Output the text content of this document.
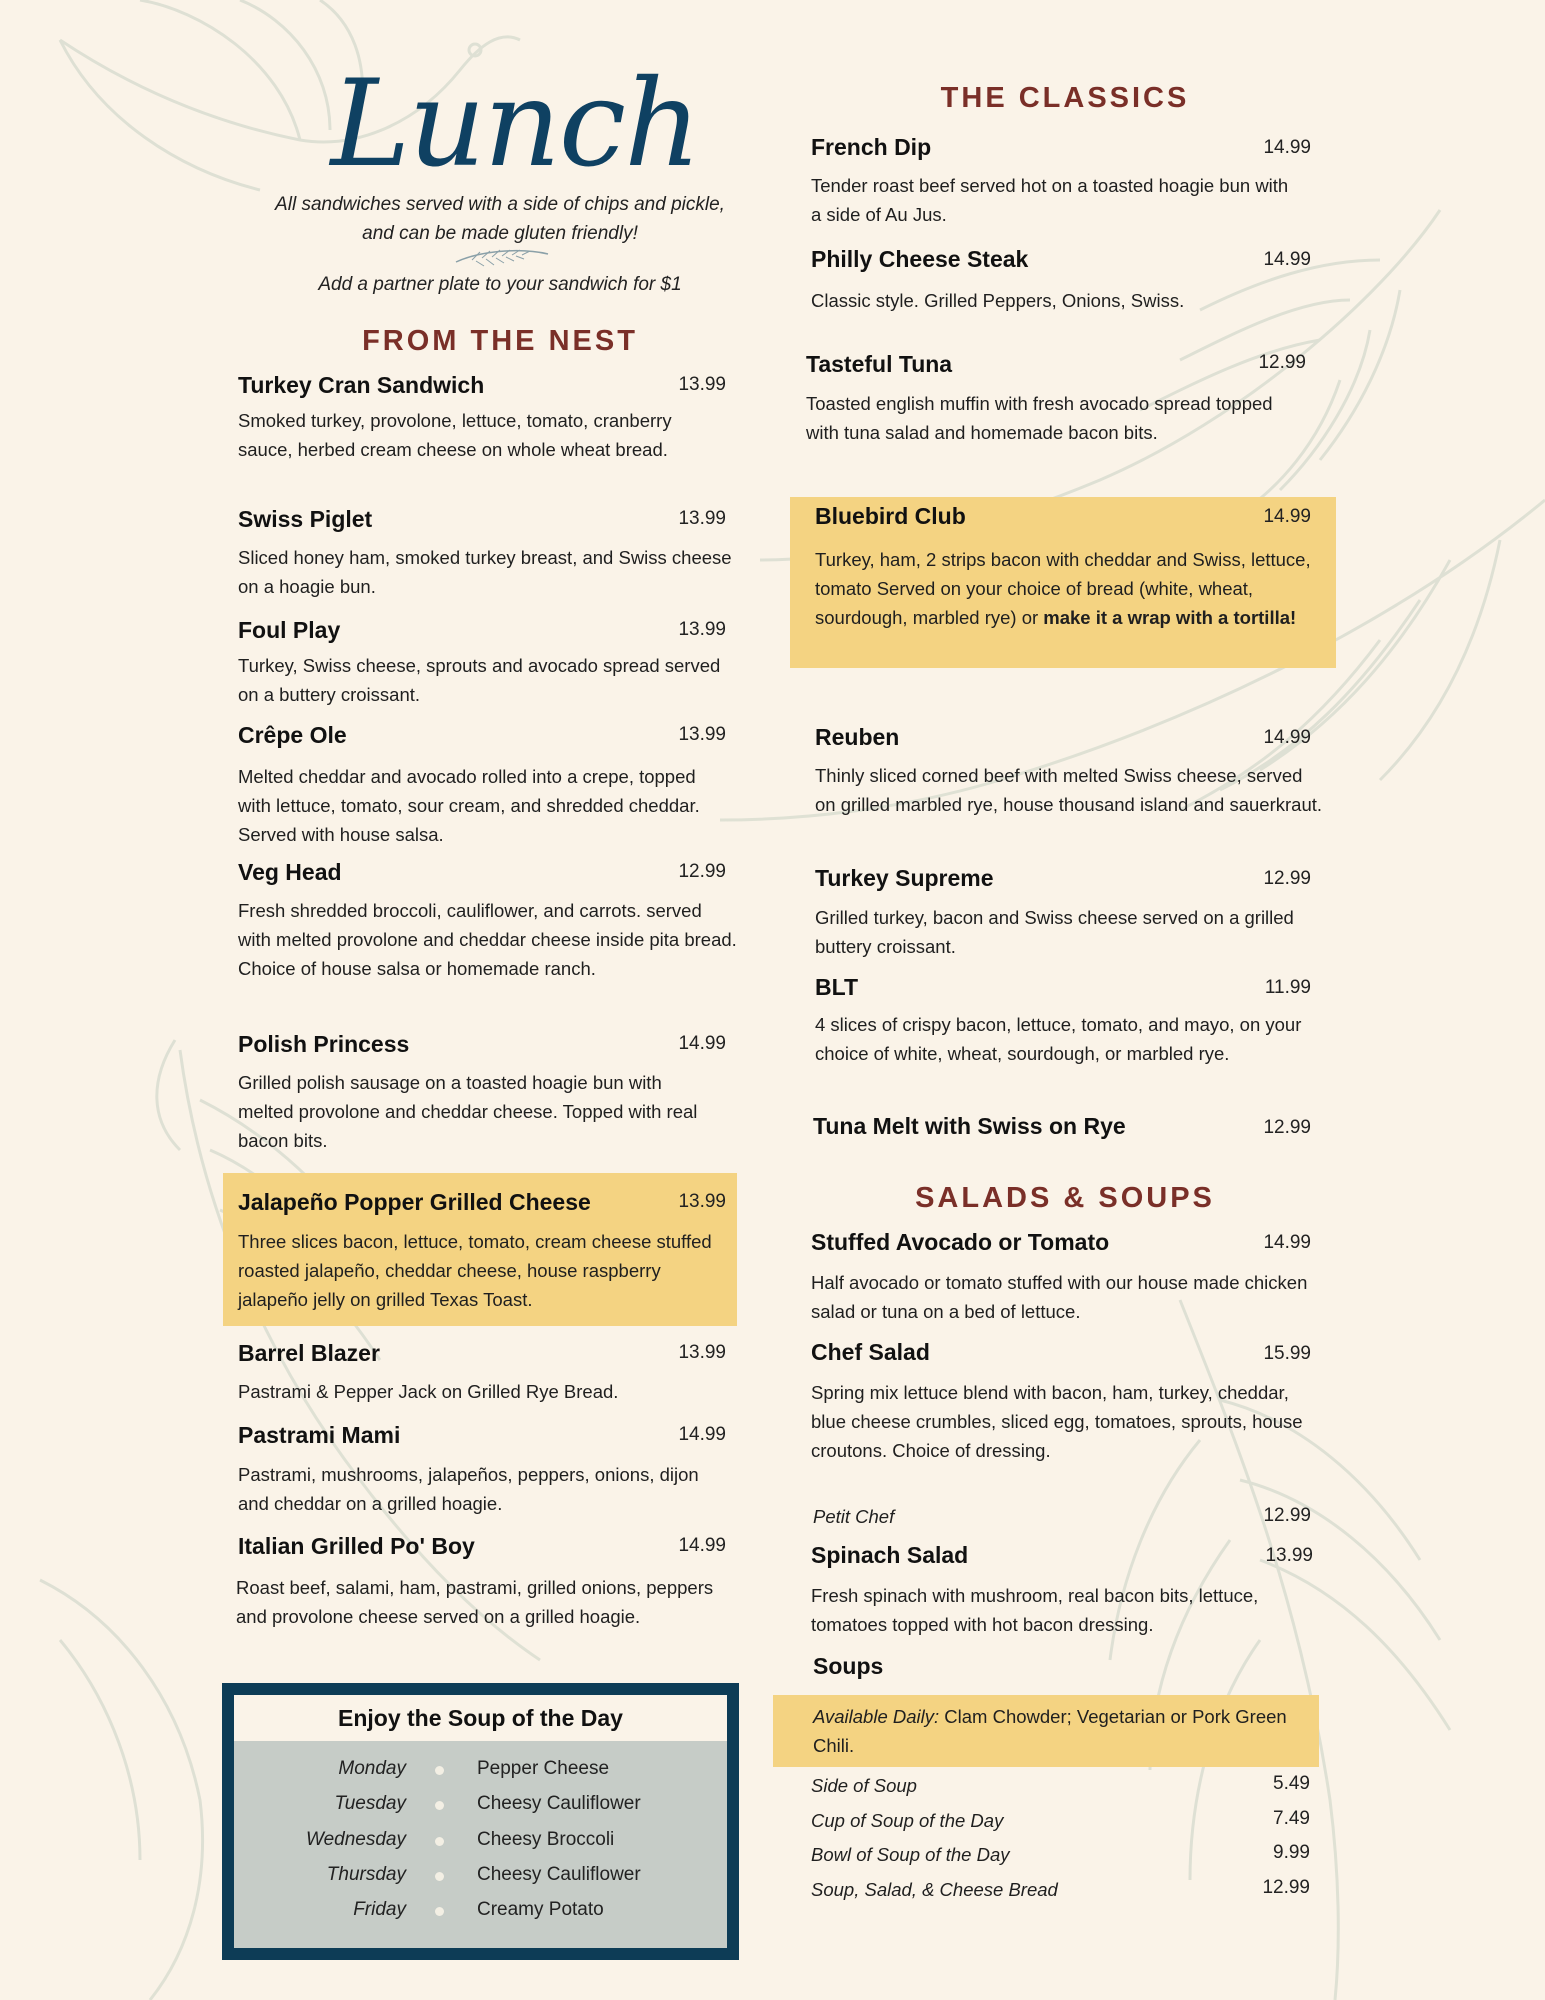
Lunch
All sandwiches served with a side of chips and pickle,
and can be made gluten friendly!
Add a partner plate to your sandwich for $1
FROM THE NEST
Turkey Cran Sandwich	13.99
Smoked turkey, provolone, lettuce, tomato, cranberry sauce, herbed cream cheese on whole wheat bread.
Swiss Piglet	13.99
Sliced honey ham, smoked turkey breast, and Swiss cheese on a hoagie bun.
Foul Play	13.99
Turkey, Swiss cheese, sprouts and avocado spread served on a buttery croissant.
Crêpe Ole	13.99
Melted cheddar and avocado rolled into a crepe, topped with lettuce, tomato, sour cream, and shredded cheddar. Served with house salsa.
Veg Head	12.99
Fresh shredded broccoli, cauliflower, and carrots. served with melted provolone and cheddar cheese inside pita bread. Choice of house salsa or homemade ranch.
Polish Princess	14.99
Grilled polish sausage on a toasted hoagie bun with melted provolone and cheddar cheese. Topped with real bacon bits.
Jalapeño Popper Grilled Cheese	13.99
Three slices bacon, lettuce, tomato, cream cheese stuffed roasted jalapeño, cheddar cheese, house raspberry jalapeño jelly on grilled Texas Toast.
Barrel Blazer	13.99
Pastrami & Pepper Jack on Grilled Rye Bread.
Pastrami Mami	14.99
Pastrami, mushrooms, jalapeños, peppers, onions, dijon and cheddar on a grilled hoagie.
Italian Grilled Po' Boy	14.99
Roast beef, salami, ham, pastrami, grilled onions, peppers and provolone cheese served on a grilled hoagie.
Enjoy the Soup of the Day
Monday	Pepper Cheese
Tuesday	Cheesy Cauliflower
Wednesday	Cheesy Broccoli
Thursday	Cheesy Cauliflower
Friday	Creamy Potato
THE CLASSICS
French Dip	14.99
Tender roast beef served hot on a toasted hoagie bun with a side of Au Jus.
Philly Cheese Steak	14.99
Classic style. Grilled Peppers, Onions, Swiss.
Tasteful Tuna	12.99
Toasted english muffin with fresh avocado spread topped with tuna salad and homemade bacon bits.
Bluebird Club	14.99
Turkey, ham, 2 strips bacon with cheddar and Swiss, lettuce, tomato Served on your choice of bread (white, wheat, sourdough, marbled rye) or make it a wrap with a tortilla!
Reuben	14.99
Thinly sliced corned beef with melted Swiss cheese, served on grilled marbled rye, house thousand island and sauerkraut.
Turkey Supreme	12.99
Grilled turkey, bacon and Swiss cheese served on a grilled buttery croissant.
BLT	11.99
4 slices of crispy bacon, lettuce, tomato, and mayo, on your choice of white, wheat, sourdough, or marbled rye.
Tuna Melt with Swiss on Rye	12.99
SALADS & SOUPS
Stuffed Avocado or Tomato	14.99
Half avocado or tomato stuffed with our house made chicken salad or tuna on a bed of lettuce.
Chef Salad	15.99
Spring mix lettuce blend with bacon, ham, turkey, cheddar, blue cheese crumbles, sliced egg, tomatoes, sprouts, house croutons. Choice of dressing.
Petit Chef	12.99
Spinach Salad	13.99
Fresh spinach with mushroom, real bacon bits, lettuce, tomatoes topped with hot bacon dressing.
Soups
Available Daily: Clam Chowder; Vegetarian or Pork Green Chili.
Side of Soup	5.49
Cup of Soup of the Day	7.49
Bowl of Soup of the Day	9.99
Soup, Salad, & Cheese Bread	12.99
